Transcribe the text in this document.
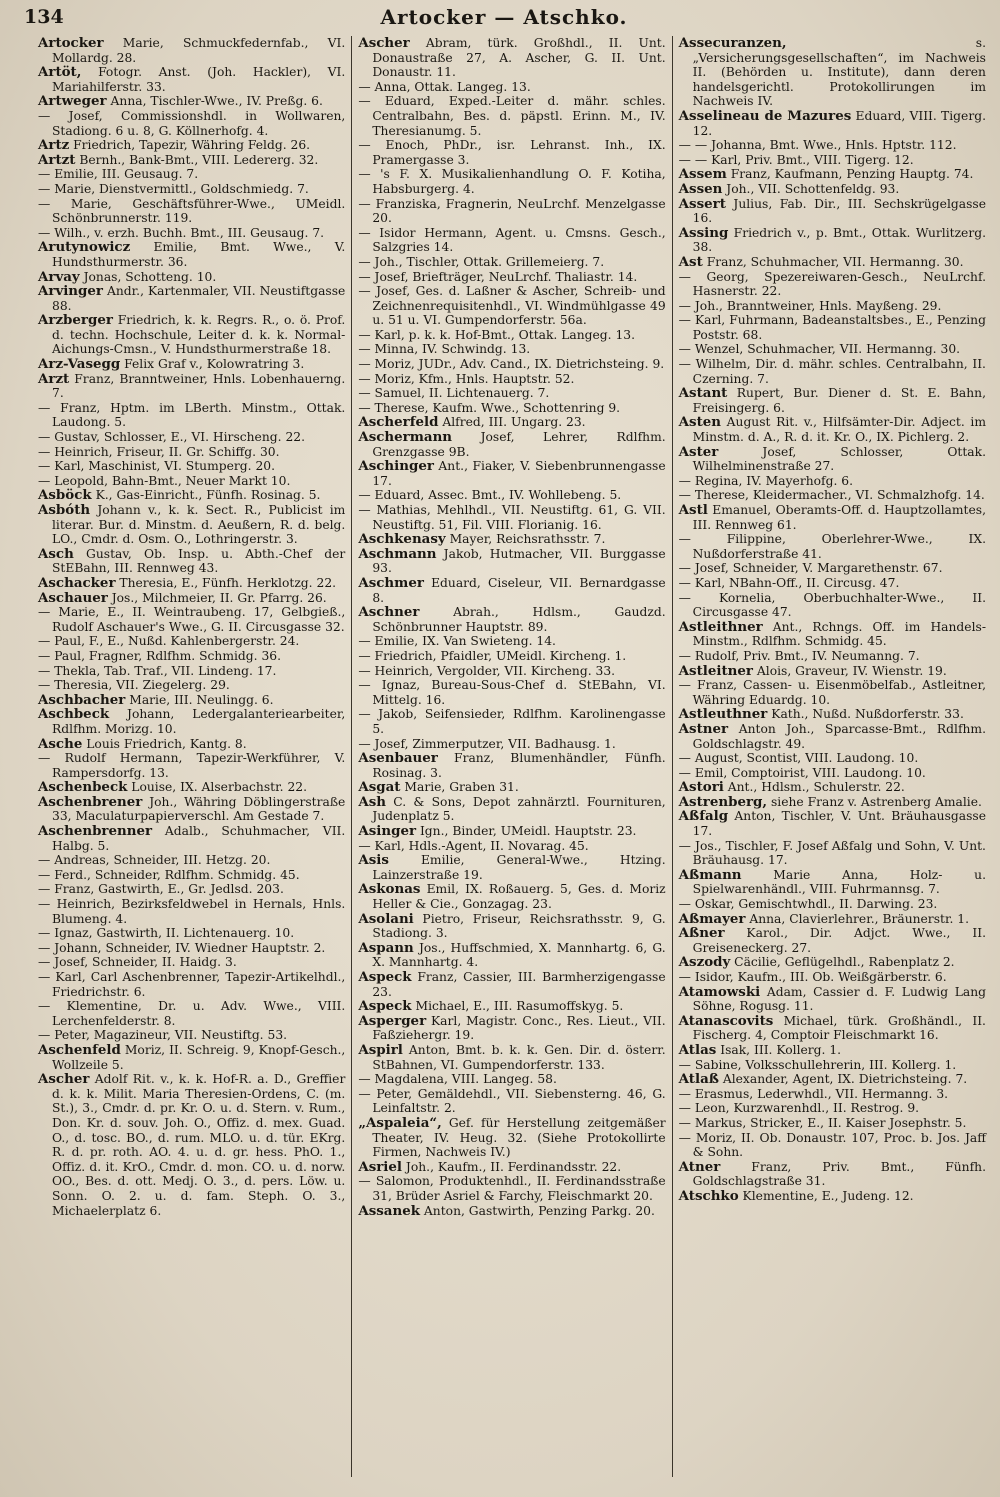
134	Artocker — Atschko.

Artocker Marie, Schmuckfedernfab., VI. Mollardg. 28.

Artöt, Fotogr. Anst. (Joh. Hackler), VI. Mariahilferstr. 33.

Artweger Anna, Tischler-Wwe., IV. Preßg. 6.

— Josef, Commissionshdl. in Wollwaren, Stadiong. 6 u. 8, G. Köllnerhofg. 4.

Artz Friedrich, Tapezir, Währing Feldg. 26.

Artzt Bernh., Bank-Bmt., VIII. Ledererg. 32.

— Emilie, III. Geusaug. 7.

— Marie, Dienstvermittl., Goldschmiedg. 7.

— Marie, Geschäftsführer-Wwe., UMeidl. Schönbrunnerstr. 119.

— Wilh., v. erzh. Buchh. Bmt., III. Geusaug. 7.

Arutynowicz Emilie, Bmt. Wwe., V. Hundsthurmerstr. 36.

Arvay Jonas, Schotteng. 10.

Arvinger Andr., Kartenmaler, VII. Neustiftgasse 88.

Arzberger Friedrich, k. k. Regrs. R., o. ö. Prof. d. techn. Hochschule, Leiter d. k. k. Normal-Aichungs-Cmsn., V. Hundsthurmerstraße 18.

Arz-Vasegg Felix Graf v., Kolowratring 3.

Arzt Franz, Branntweiner, Hnls. Lobenhauerng. 7.

— Franz, Hptm. im LBerth. Minstm., Ottak. Laudong. 5.

— Gustav, Schlosser, E., VI. Hirscheng. 22.

— Heinrich, Friseur, II. Gr. Schiffg. 30.

— Karl, Maschinist, VI. Stumperg. 20.

— Leopold, Bahn-Bmt., Neuer Markt 10.

Asböck K., Gas-Einricht., Fünfh. Rosinag. 5.

Asbóth Johann v., k. k. Sect. R., Publicist im literar. Bur. d. Minstm. d. Aeußern, R. d. belg. LO., Cmdr. d. Osm. O., Lothringerstr. 3.

Asch Gustav, Ob. Insp. u. Abth.-Chef der StEBahn, III. Rennweg 43.

Aschacker Theresia, E., Fünfh. Herklotzg. 22.

Aschauer Jos., Milchmeier, II. Gr. Pfarrg. 26.

— Marie, E., II. Weintraubeng. 17, Gelbgieß., Rudolf Aschauer's Wwe., G. II. Circusgasse 32.

— Paul, F., E., Nußd. Kahlenbergerstr. 24.

— Paul, Fragner, Rdlfhm. Schmidg. 36.

— Thekla, Tab. Traf., VII. Lindeng. 17.

— Theresia, VII. Ziegelerg. 29.

Aschbacher Marie, III. Neulingg. 6.

Aschbeck Johann, Ledergalanteriearbeiter, Rdlfhm. Morizg. 10.

Asche Louis Friedrich, Kantg. 8.

— Rudolf Hermann, Tapezir-Werkführer, V. Rampersdorfg. 13.

Aschenbeck Louise, IX. Alserbachstr. 22.

Aschenbrener Joh., Währing Döblingerstraße 33, Maculaturpapierverschl. Am Gestade 7.

Aschenbrenner Adalb., Schuhmacher, VII. Halbg. 5.

— Andreas, Schneider, III. Hetzg. 20.

— Ferd., Schneider, Rdlfhm. Schmidg. 45.

— Franz, Gastwirth, E., Gr. Jedlsd. 203.

— Heinrich, Bezirksfeldwebel in Hernals, Hnls. Blumeng. 4.

— Ignaz, Gastwirth, II. Lichtenauerg. 10.

— Johann, Schneider, IV. Wiedner Hauptstr. 2.

— Josef, Schneider, II. Haidg. 3.

— Karl, Carl Aschenbrenner, Tapezir-Artikelhdl., Friedrichstr. 6.

— Klementine, Dr. u. Adv. Wwe., VIII. Lerchenfelderstr. 8.

— Peter, Magazineur, VII. Neustiftg. 53.

Aschenfeld Moriz, II. Schreig. 9, Knopf-Gesch., Wollzeile 5.

Ascher Adolf Rit. v., k. k. Hof-R. a. D., Greffier d. k. k. Milit. Maria Theresien-Ordens, C. (m. St.), 3., Cmdr. d. pr. Kr. O. u. d. Stern. v. Rum., Don. Kr. d. souv. Joh. O., Offiz. d. mex. Guad. O., d. tosc. BO., d. rum. MLO. u. d. tür. EKrg. R. d. pr. roth. AO. 4. u. d. gr. hess. PhO. 1., Offiz. d. it. KrO., Cmdr. d. mon. CO. u. d. norw. OO., Bes. d. ott. Medj. O. 3., d. pers. Löw. u. Sonn. O. 2. u. d. fam. Steph. O. 3., Michaelerplatz 6.

Ascher Abram, türk. Großhdl., II. Unt. Donaustraße 27, A. Ascher, G. II. Unt. Donaustr. 11.

— Anna, Ottak. Langeg. 13.

— Eduard, Exped.-Leiter d. mähr. schles. Centralbahn, Bes. d. päpstl. Erinn. M., IV. Theresianumg. 5.

— Enoch, PhDr., isr. Lehranst. Inh., IX. Pramergasse 3.

— 's F. X. Musikalienhandlung O. F. Kotiha, Habsburgerg. 4.

— Franziska, Fragnerin, NeuLrchf. Menzelgasse 20.

— Isidor Hermann, Agent. u. Cmsns. Gesch., Salzgries 14.

— Joh., Tischler, Ottak. Grillemeierg. 7.

— Josef, Briefträger, NeuLrchf. Thaliastr. 14.

— Josef, Ges. d. Laßner & Ascher, Schreib- und Zeichnenrequisitenhdl., VI. Windmühlgasse 49 u. 51 u. VI. Gumpendorferstr. 56a.

— Karl, p. k. k. Hof-Bmt., Ottak. Langeg. 13.

— Minna, IV. Schwindg. 13.

— Moriz, JUDr., Adv. Cand., IX. Dietrichsteing. 9.

— Moriz, Kfm., Hnls. Hauptstr. 52.

— Samuel, II. Lichtenauerg. 7.

— Therese, Kaufm. Wwe., Schottenring 9.

Ascherfeld Alfred, III. Ungarg. 23.

Aschermann Josef, Lehrer, Rdlfhm. Grenzgasse 9B.

Aschinger Ant., Fiaker, V. Siebenbrunnengasse 17.

— Eduard, Assec. Bmt., IV. Wohllebeng. 5.

— Mathias, Mehlhdl., VII. Neustiftg. 61, G. VII. Neustiftg. 51, Fil. VIII. Florianig. 16.

Aschkenasy Mayer, Reichsrathsstr. 7.

Aschmann Jakob, Hutmacher, VII. Burggasse 93.

Aschmer Eduard, Ciseleur, VII. Bernardgasse 8.

Aschner Abrah., Hdlsm., Gaudzd. Schönbrunner Hauptstr. 89.

— Emilie, IX. Van Swieteng. 14.

— Friedrich, Pfaidler, UMeidl. Kircheng. 1.

— Heinrich, Vergolder, VII. Kircheng. 33.

— Ignaz, Bureau-Sous-Chef d. StEBahn, VI. Mittelg. 16.

— Jakob, Seifensieder, Rdlfhm. Karolinengasse 5.

— Josef, Zimmerputzer, VII. Badhausg. 1.

Asenbauer Franz, Blumenhändler, Fünfh. Rosinag. 3.

Asgat Marie, Graben 31.

Ash C. & Sons, Depot zahnärztl. Fournituren, Judenplatz 5.

Asinger Ign., Binder, UMeidl. Hauptstr. 23.

— Karl, Hdls.-Agent, II. Novarag. 45.

Asis Emilie, General-Wwe., Htzing. Lainzerstraße 19.

Askonas Emil, IX. Roßauerg. 5, Ges. d. Moriz Heller & Cie., Gonzagag. 23.

Asolani Pietro, Friseur, Reichsrathsstr. 9, G. Stadiong. 3.

Aspann Jos., Huffschmied, X. Mannhartg. 6, G. X. Mannhartg. 4.

Aspeck Franz, Cassier, III. Barmherzigengasse 23.

Aspeck Michael, E., III. Rasumoffskyg. 5.

Asperger Karl, Magistr. Conc., Res. Lieut., VII. Faßziehergr. 19.

Aspirl Anton, Bmt. b. k. k. Gen. Dir. d. österr. StBahnen, VI. Gumpendorferstr. 133.

— Magdalena, VIII. Langeg. 58.

— Peter, Gemäldehdl., VII. Siebensterng. 46, G. Leinfaltstr. 2.

„Aspaleia“, Gef. für Herstellung zeitgemäßer Theater, IV. Heug. 32. (Siehe Protokollirte Firmen, Nachweis IV.)

Asriel Joh., Kaufm., II. Ferdinandsstr. 22.

— Salomon, Produktenhdl., II. Ferdinandsstraße 31, Brüder Asriel & Farchy, Fleischmarkt 20.

Assanek Anton, Gastwirth, Penzing Parkg. 20.

Assecuranzen, s. „Versicherungsgesellschaften“, im Nachweis II. (Behörden u. Institute), dann deren handelsgerichtl. Protokollirungen im Nachweis IV.

Asselineau de Mazures Eduard, VIII. Tigerg. 12.

— — Johanna, Bmt. Wwe., Hnls. Hptstr. 112.

— — Karl, Priv. Bmt., VIII. Tigerg. 12.

Assem Franz, Kaufmann, Penzing Hauptg. 74.

Assen Joh., VII. Schottenfeldg. 93.

Assert Julius, Fab. Dir., III. Sechskrügelgasse 16.

Assing Friedrich v., p. Bmt., Ottak. Wurlitzerg. 38.

Ast Franz, Schuhmacher, VII. Hermanng. 30.

— Georg, Spezereiwaren-Gesch., NeuLrchf. Hasnerstr. 22.

— Joh., Branntweiner, Hnls. Mayßeng. 29.

— Karl, Fuhrmann, Badeanstaltsbes., E., Penzing Poststr. 68.

— Wenzel, Schuhmacher, VII. Hermanng. 30.

— Wilhelm, Dir. d. mähr. schles. Centralbahn, II. Czerning. 7.

Astant Rupert, Bur. Diener d. St. E. Bahn, Freisingerg. 6.

Asten August Rit. v., Hilfsämter-Dir. Adject. im Minstm. d. A., R. d. it. Kr. O., IX. Pichlerg. 2.

Aster Josef, Schlosser, Ottak. Wilhelminenstraße 27.

— Regina, IV. Mayerhofg. 6.

— Therese, Kleidermacher., VI. Schmalzhofg. 14.

Astl Emanuel, Oberamts-Off. d. Hauptzollamtes, III. Rennweg 61.

— Filippine, Oberlehrer-Wwe., IX. Nußdorferstraße 41.

— Josef, Schneider, V. Margarethenstr. 67.

— Karl, NBahn-Off., II. Circusg. 47.

— Kornelia, Oberbuchhalter-Wwe., II. Circusgasse 47.

Astleithner Ant., Rchngs. Off. im Handels-Minstm., Rdlfhm. Schmidg. 45.

— Rudolf, Priv. Bmt., IV. Neumanng. 7.

Astleitner Alois, Graveur, IV. Wienstr. 19.

— Franz, Cassen- u. Eisenmöbelfab., Astleitner, Währing Eduardg. 10.

Astleuthner Kath., Nußd. Nußdorferstr. 33.

Astner Anton Joh., Sparcasse-Bmt., Rdlfhm. Goldschlagstr. 49.

— August, Scontist, VIII. Laudong. 10.

— Emil, Comptoirist, VIII. Laudong. 10.

Astori Ant., Hdlsm., Schulerstr. 22.

Astrenberg, siehe Franz v. Astrenberg Amalie.

Aßfalg Anton, Tischler, V. Unt. Bräuhausgasse 17.

— Jos., Tischler, F. Josef Aßfalg und Sohn, V. Unt. Bräuhausg. 17.

Aßmann Marie Anna, Holz- u. Spielwarenhändl., VIII. Fuhrmannsg. 7.

— Oskar, Gemischtwhdl., II. Darwing. 23.

Aßmayer Anna, Clavierlehrer., Bräunerstr. 1.

Aßner Karol., Dir. Adjct. Wwe., II. Greiseneckerg. 27.

Aszody Cäcilie, Geflügelhdl., Rabenplatz 2.

— Isidor, Kaufm., III. Ob. Weißgärberstr. 6.

Atamowski Adam, Cassier d. F. Ludwig Lang Söhne, Rogusg. 11.

Atanascovits Michael, türk. Großhändl., II. Fischerg. 4, Comptoir Fleischmarkt 16.

Atlas Isak, III. Kollerg. 1.

— Sabine, Volksschullehrerin, III. Kollerg. 1.

Atlaß Alexander, Agent, IX. Dietrichsteing. 7.

— Erasmus, Lederwhdl., VII. Hermanng. 3.

— Leon, Kurzwarenhdl., II. Restrog. 9.

— Markus, Stricker, E., II. Kaiser Josephstr. 5.

— Moriz, II. Ob. Donaustr. 107, Proc. b. Jos. Jaff & Sohn.

Atner Franz, Priv. Bmt., Fünfh. Goldschlagstraße 31.

Atschko Klementine, E., Judeng. 12.
